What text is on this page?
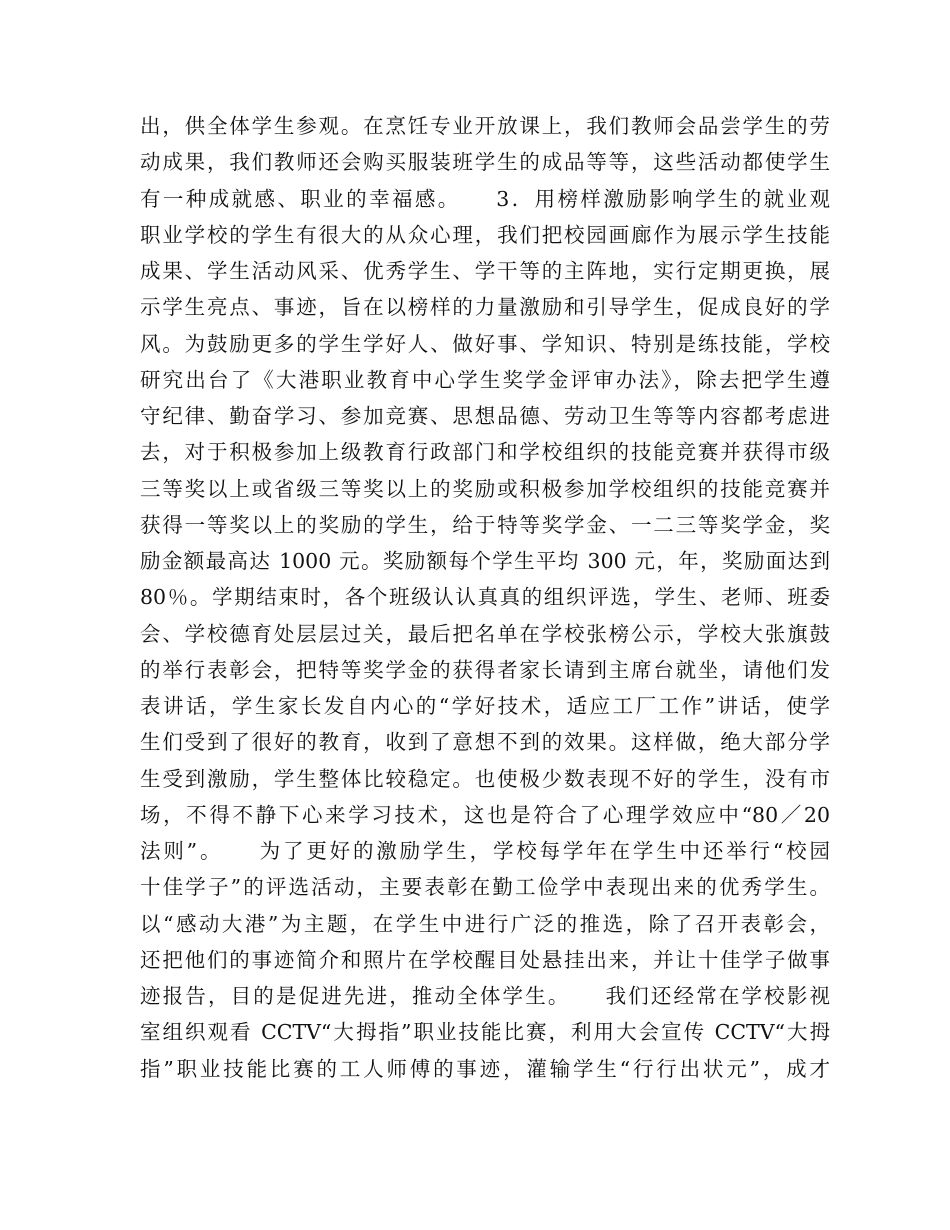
出，供全体学生参观。在烹饪专业开放课上，我们教师会品尝学生的劳
动成果，我们教师还会购买服装班学生的成品等等，这些活动都使学生
有一种成就感、职业的幸福感。　　3．用榜样激励影响学生的就业观
职业学校的学生有很大的从众心理，我们把校园画廊作为展示学生技能
成果、学生活动风采、优秀学生、学干等的主阵地，实行定期更换，展
示学生亮点、事迹，旨在以榜样的力量激励和引导学生，促成良好的学
风。为鼓励更多的学生学好人、做好事、学知识、特别是练技能，学校
研究出台了《大港职业教育中心学生奖学金评审办法》，除去把学生遵
守纪律、勤奋学习、参加竞赛、思想品德、劳动卫生等等内容都考虑进
去，对于积极参加上级教育行政部门和学校组织的技能竞赛并获得市级
三等奖以上或省级三等奖以上的奖励或积极参加学校组织的技能竞赛并
获得一等奖以上的奖励的学生，给于特等奖学金、一二三等奖学金，奖
励金额最高达 1000 元。奖励额每个学生平均 300 元，年，奖励面达到
80％。学期结束时，各个班级认认真真的组织评选，学生、老师、班委
会、学校德育处层层过关，最后把名单在学校张榜公示，学校大张旗鼓
的举行表彰会，把特等奖学金的获得者家长请到主席台就坐，请他们发
表讲话，学生家长发自内心的“学好技术，适应工厂工作”讲话，使学
生们受到了很好的教育，收到了意想不到的效果。这样做，绝大部分学
生受到激励，学生整体比较稳定。也使极少数表现不好的学生，没有市
场，不得不静下心来学习技术，这也是符合了心理学效应中“80／20
法则”。　　为了更好的激励学生，学校每学年在学生中还举行“校园
十佳学子”的评选活动，主要表彰在勤工俭学中表现出来的优秀学生。
以“感动大港”为主题，在学生中进行广泛的推选，除了召开表彰会，
还把他们的事迹简介和照片在学校醒目处悬挂出来，并让十佳学子做事
迹报告，目的是促进先进，推动全体学生。　　我们还经常在学校影视
室组织观看 CCTV“大拇指”职业技能比赛，利用大会宣传 CCTV“大拇
指”职业技能比赛的工人师傅的事迹，灌输学生“行行出状元”，成才
